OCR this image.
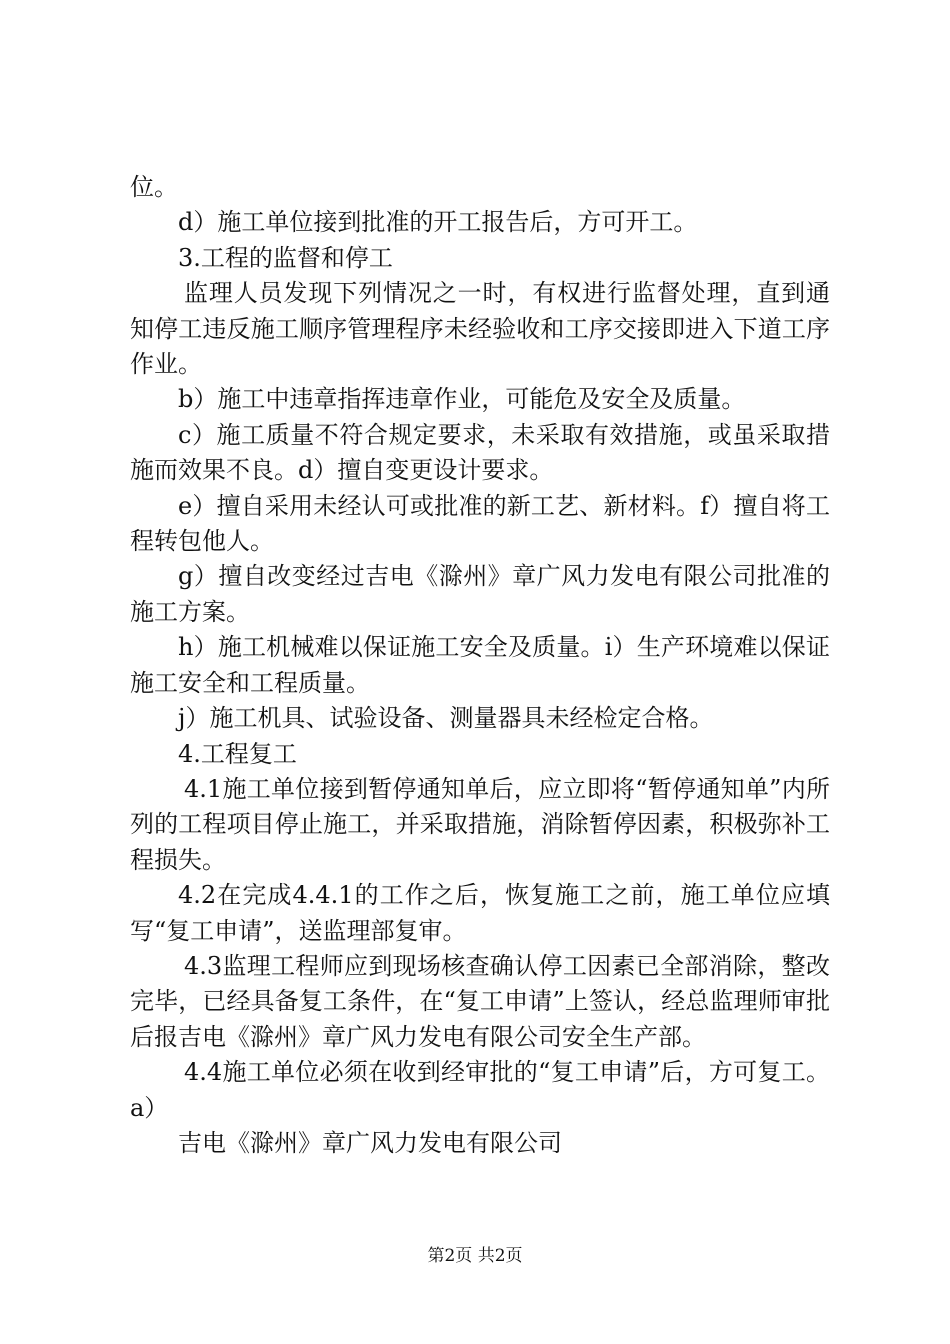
位。

d）施工单位接到批准的开工报告后，方可开工。

3.工程的监督和停工

监理人员发现下列情况之一时，有权进行监督处理，直到通知停工违反施工顺序管理程序未经验收和工序交接即进入下道工序作业。

b）施工中违章指挥违章作业，可能危及安全及质量。

c）施工质量不符合规定要求，未采取有效措施，或虽采取措施而效果不良。d）擅自变更设计要求。

e）擅自采用未经认可或批准的新工艺、新材料。f）擅自将工程转包他人。

g）擅自改变经过吉电《滁州》章广风力发电有限公司批准的施工方案。

h）施工机械难以保证施工安全及质量。i）生产环境难以保证施工安全和工程质量。

j）施工机具、试验设备、测量器具未经检定合格。

4.工程复工

4.1施工单位接到暂停通知单后，应立即将“暂停通知单”内所列的工程项目停止施工，并采取措施，消除暂停因素，积极弥补工程损失。

4.2在完成4.4.1的工作之后，恢复施工之前，施工单位应填写“复工申请”，送监理部复审。

4.3监理工程师应到现场核查确认停工因素已全部消除，整改完毕，已经具备复工条件，在“复工申请”上签认，经总监理师审批后报吉电《滁州》章广风力发电有限公司安全生产部。

4.4施工单位必须在收到经审批的“复工申请”后，方可复工。a）

吉电《滁州》章广风力发电有限公司

第2页 共2页
